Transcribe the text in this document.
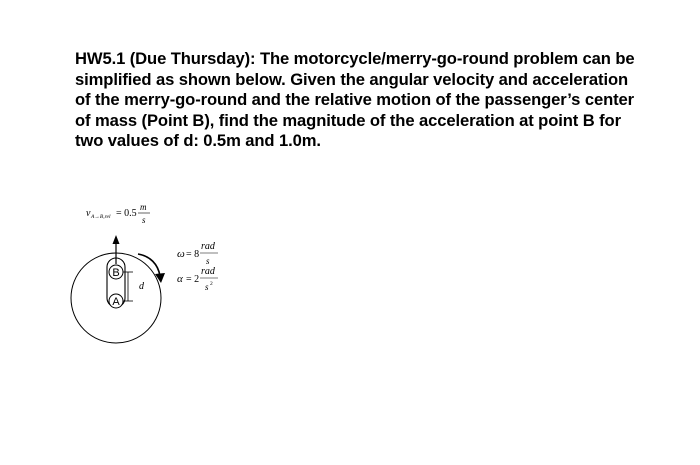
HW5.1 (Due Thursday): The motorcycle/merry-go-round problem can be simplified as shown below. Given the angular velocity and acceleration of the merry-go-round and the relative motion of the passenger’s center of mass (Point B), find the magnitude of the acceleration at point B for two values of d: 0.5m and 1.0m.

v A→B,rel = 0.5
m
s
ω = 8
rad
s
α = 2
rad
s 2
B
A
d
